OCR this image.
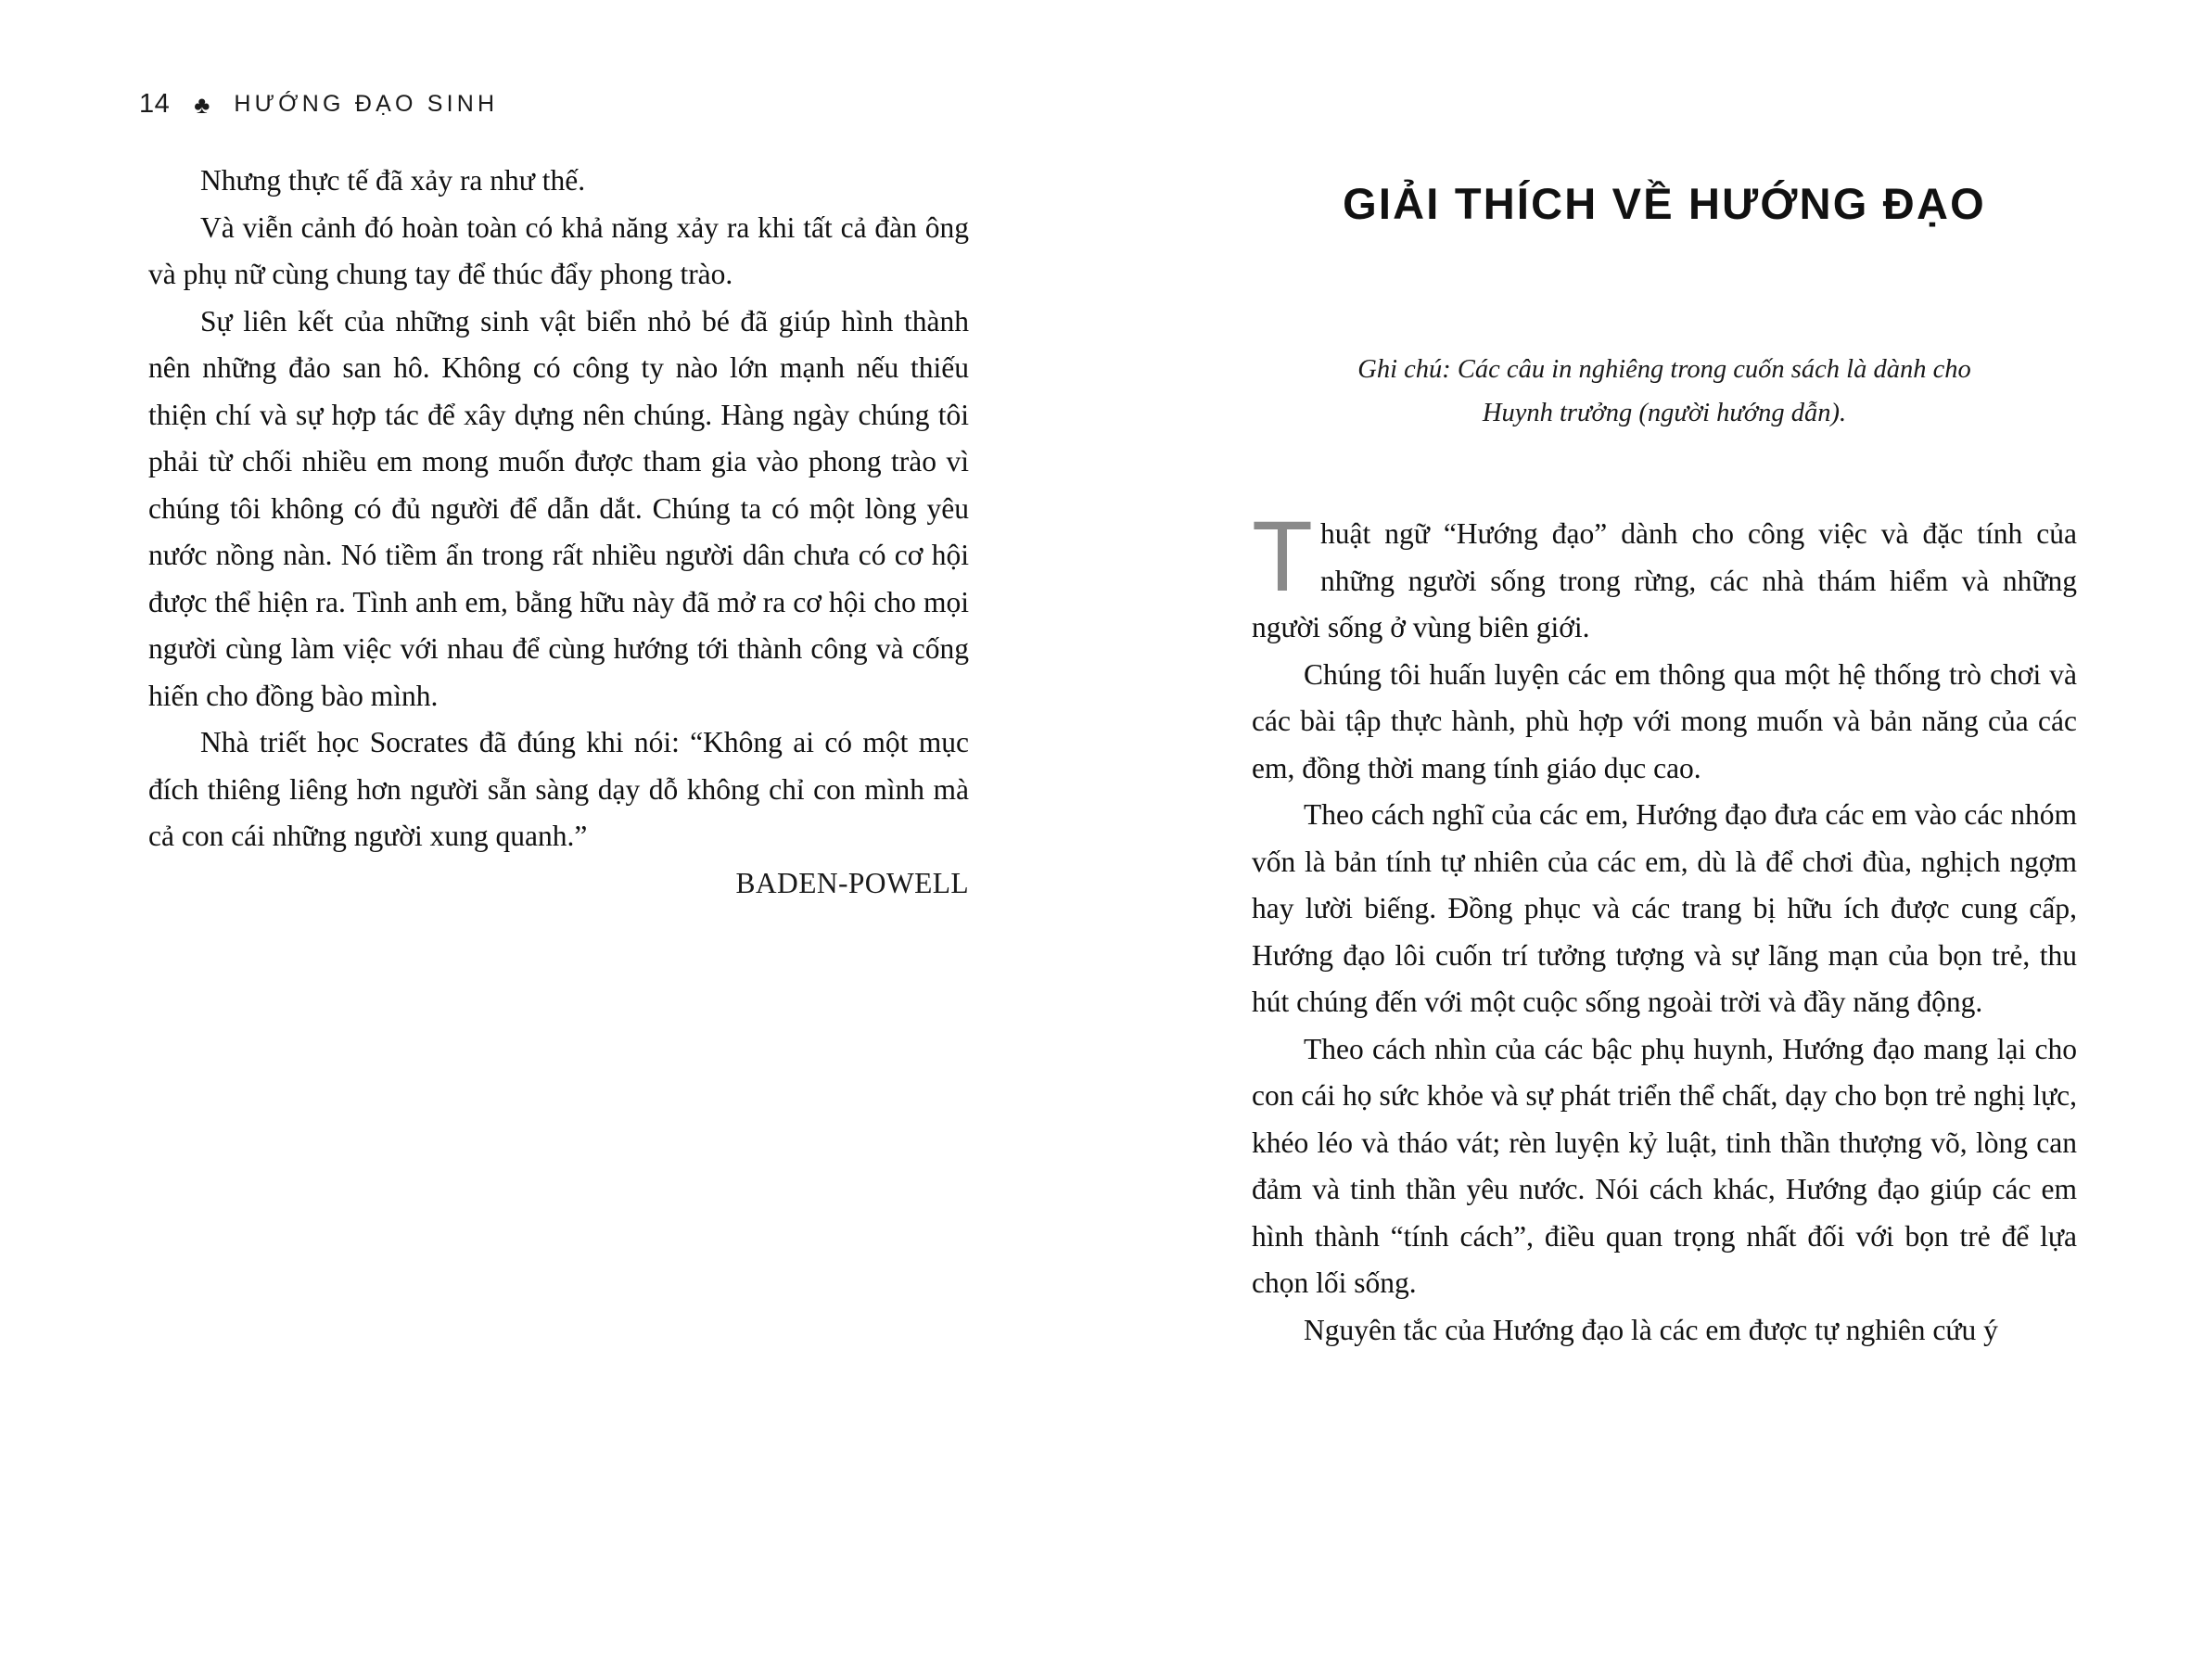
14 ♣ HƯỚNG ĐẠO SINH

Nhưng thực tế đã xảy ra như thế.

Và viễn cảnh đó hoàn toàn có khả năng xảy ra khi tất cả đàn ông và phụ nữ cùng chung tay để thúc đẩy phong trào.

Sự liên kết của những sinh vật biển nhỏ bé đã giúp hình thành nên những đảo san hô. Không có công ty nào lớn mạnh nếu thiếu thiện chí và sự hợp tác để xây dựng nên chúng. Hàng ngày chúng tôi phải từ chối nhiều em mong muốn được tham gia vào phong trào vì chúng tôi không có đủ người để dẫn dắt. Chúng ta có một lòng yêu nước nồng nàn. Nó tiềm ẩn trong rất nhiều người dân chưa có cơ hội được thể hiện ra. Tình anh em, bằng hữu này đã mở ra cơ hội cho mọi người cùng làm việc với nhau để cùng hướng tới thành công và cống hiến cho đồng bào mình.

Nhà triết học Socrates đã đúng khi nói: “Không ai có một mục đích thiêng liêng hơn người sẵn sàng dạy dỗ không chỉ con mình mà cả con cái những người xung quanh.”

BADEN-POWELL

GIẢI THÍCH VỀ HƯỚNG ĐẠO

Ghi chú: Các câu in nghiêng trong cuốn sách là dành cho

Huynh trưởng (người hướng dẫn).

T huật ngữ “Hướng đạo” dành cho công việc và đặc tính của những người sống trong rừng, các nhà thám hiểm và những người sống ở vùng biên giới.

Chúng tôi huấn luyện các em thông qua một hệ thống trò chơi và các bài tập thực hành, phù hợp với mong muốn và bản năng của các em, đồng thời mang tính giáo dục cao.

Theo cách nghĩ của các em, Hướng đạo đưa các em vào các nhóm vốn là bản tính tự nhiên của các em, dù là để chơi đùa, nghịch ngợm hay lười biếng. Đồng phục và các trang bị hữu ích được cung cấp, Hướng đạo lôi cuốn trí tưởng tượng và sự lãng mạn của bọn trẻ, thu hút chúng đến với một cuộc sống ngoài trời và đầy năng động.

Theo cách nhìn của các bậc phụ huynh, Hướng đạo mang lại cho con cái họ sức khỏe và sự phát triển thể chất, dạy cho bọn trẻ nghị lực, khéo léo và tháo vát; rèn luyện kỷ luật, tinh thần thượng võ, lòng can đảm và tinh thần yêu nước. Nói cách khác, Hướng đạo giúp các em hình thành “tính cách”, điều quan trọng nhất đối với bọn trẻ để lựa chọn lối sống.

Nguyên tắc của Hướng đạo là các em được tự nghiên cứu ý
